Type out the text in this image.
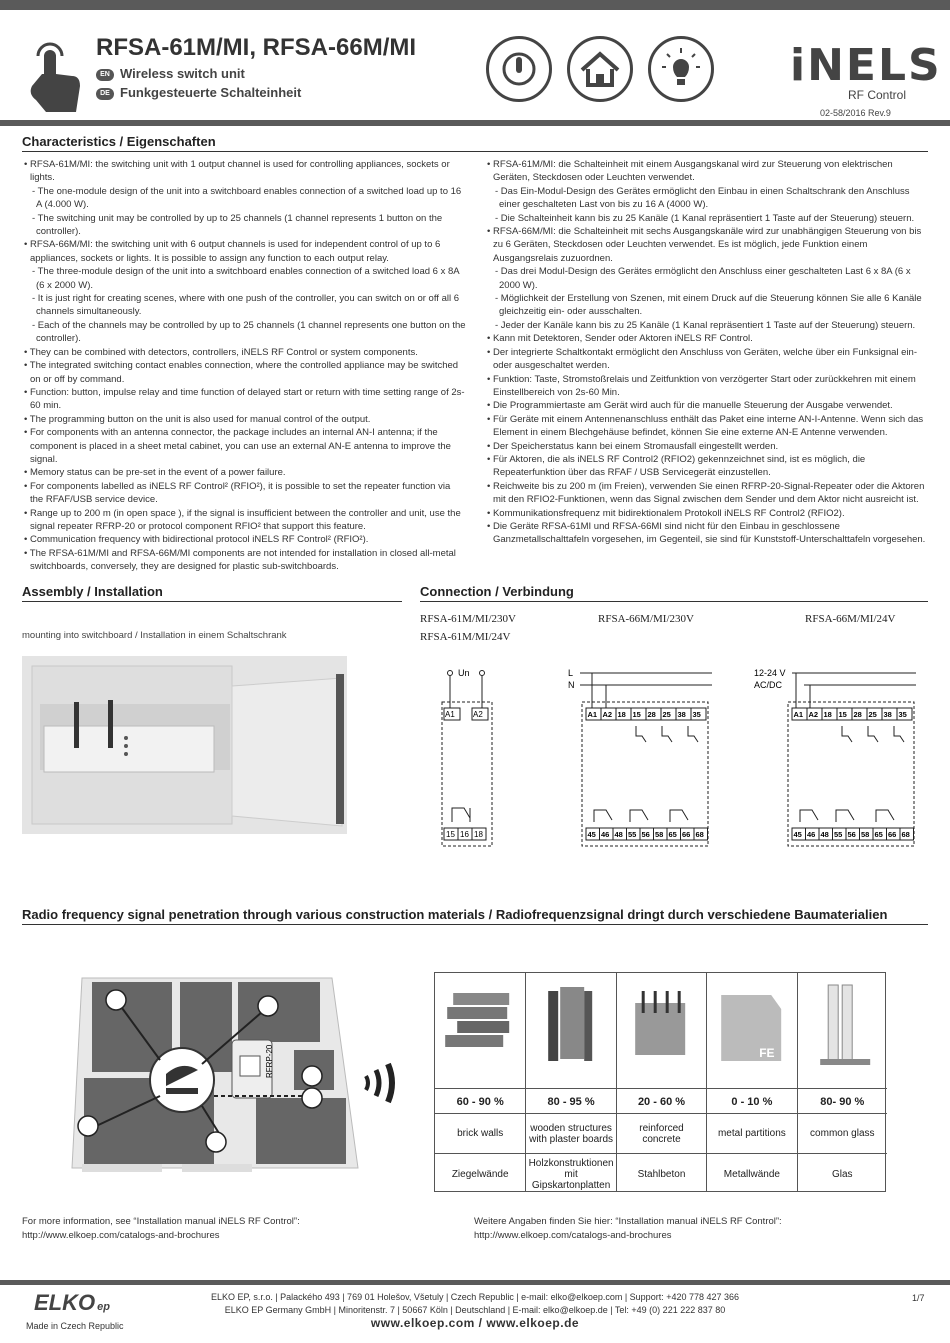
RFSA-61M/MI, RFSA-66M/MI
EN Wireless switch unit
DE Funkgesteuerte Schalteinheit
iNELS
RF Control
02-58/2016 Rev.9
Characteristics / Eigenschaften

• RFSA-61M/MI: the switching unit with 1 output channel is used for controlling appliances, sockets or lights.

- The one-module design of the unit into a switchboard enables connection of a switched load up to 16 A (4.000 W).

- The switching unit may be controlled by up to 25 channels (1 channel represents 1 button on the controller).

• RFSA-66M/MI: the switching unit with 6 output channels is used for independent control of up to 6 appliances, sockets or lights. It is possible to assign any function to each output relay.

- The three-module design of the unit into a switchboard enables connection of a switched load 6 x 8A (6 x 2000 W).

- It is just right for creating scenes, where with one push of the controller, you can switch on or off all 6 channels simultaneously.

- Each of the channels may be controlled by up to 25 channels (1 channel represents one button on the controller).

• They can be combined with detectors, controllers, iNELS RF Control or system components.

• The integrated switching contact enables connection, where the controlled appliance may be switched on or off by command.

• Function: button, impulse relay and time function of delayed start or return with time setting range of 2s-60 min.

• The programming button on the unit is also used for manual control of the output.

• For components with an antenna connector, the package includes an internal AN-I antenna; if the component is placed in a sheet metal cabinet, you can use an external AN-E antenna to improve the signal.

• Memory status can be pre-set in the event of a power failure.

• For components labelled as iNELS RF Control² (RFIO²), it is possible to set the repeater function via the RFAF/USB service device.

• Range up to 200 m (in open space ), if the signal is insufficient between the controller and unit, use the signal repeater RFRP-20 or protocol component RFIO² that support this feature.

• Communication frequency with bidirectional protocol iNELS RF Control² (RFIO²).

• The RFSA-61M/MI and RFSA-66M/MI components are not intended for installation in closed all-metal switchboards, conversely, they are designed for plastic sub-switchboards.

• RFSA-61M/MI: die Schalteinheit mit einem Ausgangskanal wird zur Steuerung von elektrischen Geräten, Steckdosen oder Leuchten verwendet.

- Das Ein-Modul-Design des Gerätes ermöglicht den Einbau in einen Schaltschrank den Anschluss einer geschalteten Last von bis zu 16 A (4000 W).

- Die Schalteinheit kann bis zu 25 Kanäle (1 Kanal repräsentiert 1 Taste auf der Steuerung) steuern.

• RFSA-66M/MI: die Schalteinheit mit sechs Ausgangskanäle wird zur unabhängigen Steuerung von bis zu 6 Geräten, Steckdosen oder Leuchten verwendet. Es ist möglich, jede Funktion einem Ausgangsrelais zuzuordnen.

- Das drei Modul-Design des Gerätes ermöglicht den Anschluss einer geschalteten Last 6 x 8A (6 x 2000 W).

- Möglichkeit der Erstellung von Szenen, mit einem Druck auf die Steuerung können Sie alle 6 Kanäle gleichzeitig ein- oder ausschalten.

- Jeder der Kanäle kann bis zu 25 Kanäle (1 Kanal repräsentiert 1 Taste auf der Steuerung) steuern.

• Kann mit Detektoren, Sender oder Aktoren iNELS RF Control.

• Der integrierte Schaltkontakt ermöglicht den Anschluss von Geräten, welche über ein Funksignal ein- oder ausgeschaltet werden.

• Funktion: Taste, Stromstoßrelais und Zeitfunktion von verzögerter Start oder zurückkehren mit einem Einstellbereich von 2s-60 Min.

• Die Programmiertaste am Gerät wird auch für die manuelle Steuerung der Ausgabe verwendet.

• Für Geräte mit einem Antennenanschluss enthält das Paket eine interne AN-I-Antenne. Wenn sich das Element in einem Blechgehäuse befindet, können Sie eine externe AN-E Antenne verwenden.

• Der Speicherstatus kann bei einem Stromausfall eingestellt werden.

• Für Aktoren, die als iNELS RF Control2 (RFIO2) gekennzeichnet sind, ist es möglich, die Repeaterfunktion über das RFAF / USB Servicegerät einzustellen.

• Reichweite bis zu 200 m (im Freien), verwenden Sie einen RFRP-20-Signal-Repeater oder die Aktoren mit den RFIO2-Funktionen, wenn das Signal zwischen dem Sender und dem Aktor nicht ausreicht ist.

• Kommunikationsfrequenz mit bidirektionalem Protokoll iNELS RF Control2 (RFIO2).

• Die Geräte RFSA-61MI und RFSA-66MI sind nicht für den Einbau in geschlossene Ganzmetallschalttafeln vorgesehen, im Gegenteil, sie sind für Kunststoff-Unterschalttafeln vorgesehen.

Assembly / Installation
mounting into switchboard / Installation in einem Schaltschrank
Connection / Verbindung
RFSA-61M/MI/230V
RFSA-61M/MI/24V
RFSA-66M/MI/230V	RFSA-66M/MI/24V
Un
A1 A2
15 16 18
L
N
A1 A2 18 15 28 25 38 35
45 46 48 55 56 58 65 66 68
12-24 V
AC/DC
A1 A2 18 15 28 25 38 35
45 46 48 55 56 58 65 66 68
Radio frequency signal penetration through various construction materials / Radiofrequenzsignal dringt durch verschiedene Baumaterialien
RFRP-20
60 - 90 %
brick walls
Ziegelwände
80 - 95 %
wooden structures with plaster boards
Holzkonstruktionen mit Gipskartonplatten
20 - 60 %
reinforced concrete
Stahlbeton
FE
0 - 10 %
metal partitions
Metallwände
80- 90 %
common glass
Glas
For more information, see “Installation manual iNELS RF Control”:
http://www.elkoep.com/catalogs-and-brochures
Weitere Angaben finden Sie hier: “Installation manual iNELS RF Control”:
http://www.elkoep.com/catalogs-and-brochures
ELKO ep
Made in Czech Republic
ELKO EP, s.r.o. | Palackého 493 | 769 01 Holešov, Všetuly | Czech Republic | e-mail: elko@elkoep.com | Support: +420 778 427 366
ELKO EP Germany GmbH | Minoritenstr. 7 | 50667 Köln | Deutschland | E-mail: elko@elkoep.de | Tel: +49 (0) 221 222 837 80
www.elkoep.com / www.elkoep.de
1/7
